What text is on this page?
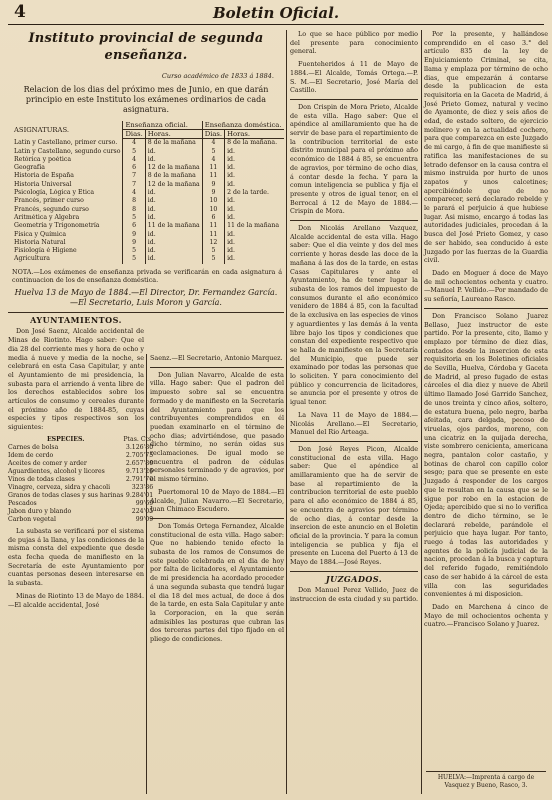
4	Boletin Oficial.
Instituto provincial de segunda enseñanza.
Curso académico de 1833 á 1884.
Relacion de los dias del próximo mes de Junio, en que darán principio en este Instituto los exámenes ordinarios de cada asignatura.
ASIGNATURAS.	Enseñanza oficial.		Enseñanza doméstica.	
	Dias.	Horas.	Dias.	Horas.
Latin y Castellano, primer curso.	4	8 de la mañana	4	8 de la mañana.
Latin y Castellano, segundo curso	5	id.	5	id.
Retórica y poética	4	id.	4	id.
Geografía	6	12 de la mañana	11	id.
Historia de España	7	8 de la mañana	11	id.
Historia Universal	7	12 de la mañana	9	id.
Psicología, Lógica y Ética	4	id.	9	2 de la tarde.
Francés, primer curso	8	id.	10	id.
Francés, segundo curso	8	id.	10	id.
Aritmética y Álgebra	5	id.	6	id.
Geometría y Trigonometría	6	11 de la mañana	11	11 de la mañana
Física y Química	9	id.	11	id.
Historia Natural	9	id.	12	id.
Fisiología é Higiene	5	id.	5	id.
Agricultura	5	id.	5	id.
NOTA.—Los exámenes de enseñanza privada se verificarán en cada asignatura á continuacion de los de enseñanza doméstica.
Huelva 13 de Mayo de 1884.—El Director, Dr. Fernandez García.—El Secretario, Luis Moron y García.
AYUNTAMIENTOS.

Don José Saenz, Alcalde accidental de Minas de Riotinto. Hago saber: Que el dia 28 del corriente mes y hora de ocho y media á nueve y media de la noche, se celebrará en esta Casa Capitular, y ante el Ayuntamiento de mi presidencia, la subasta para el arriendo á venta libre de los derechos establecidos sobre los artículos de consumo y cereales durante el próximo año de 1884-85, cuyas especies y tipos respectivos son los siguientes:

ESPECIES.	Ptas. Cts.
Carnes de bolsa	3.126'80
Idem de cerdo	2.705'75
Aceites de comer y arder	2.657'80
Aguardientes, alcohol y licores	9.713'26
Vinos de todas clases	2.791'70
Vinagre, cerveza, sidra y chacoli	323'86
Granos de todas clases y sus harinas	9.284'01
Pescados	99'69
Jabon duro y blando	224'05
Carbon vegetal	99'09

La subasta se verificará por el sistema de pujas á la llana, y las condiciones de la misma consta del expediente que desde esta fecha queda de manifiesto en la Secretaría de este Ayuntamiento por cuantas personas deseen interesarse en la subasta.

Minas de Riotinto 13 de Mayo de 1884.—El alcalde accidental, José

Saenz.—El Secretario, Antonio Marquez.

Don Julian Navarro, Alcalde de esta villa. Hago saber: Que el padron del impuesto sobre sal se encuentra formado y de manifiesto en la Secretaría del Ayuntamiento para que los contribuyentes comprendidos en él puedan examinarlo en el término de ocho dias; advirtiéndose, que pasado dicho término, no serán oidas sus reclamaciones. De igual modo se encuentra el padron de cédulas personales terminado y de agravios, por el mismo término.

Puertomoral 10 de Mayo de 1884.—El Alcalde, Julian Navarro.—El Secretario, Juan Chimaco Escudero.

Don Tomás Ortega Fernandez, Alcalde constitucional de esta villa. Hago saber: Que no habiendo tenido efecto la subasta de los ramos de Consumos de este pueblo celebrada en el dia de hoy por falta de licitadores, el Ayuntamiento de mi presidencia ha acordado proceder á una segunda subasta que tendrá lugar el dia 18 del mes actual, de doce á dos de la tarde, en esta Sala Capitular y ante la Corporacion, en la que serán admisibles las posturas que cubran las dos terceras partes del tipo fijado en el pliego de condiciones.

Lo que se hace público por medio del presente para conocimiento general.

Fuenteheridos á 11 de Mayo de 1884.—El Alcalde, Tomás Ortega.—P. S. M.—El Secretario, José María del Castillo.

Don Crispin de Mora Prieto, Alcalde de esta villa. Hago saber: Que el apéndice al amillaramiento que ha de servir de base para el repartimiento de la contribucion territorial de este distrito municipal para el próximo año económico de 1884 á 85, se encuentra de agravios, por término de ocho dias, á contar desde la fecha. Y para la comun inteligencia se publica y fija el presente y otros de igual tenor, en el Berrocal á 12 de Mayo de 1884.—Crispin de Mora.

Don Nicolás Arellano Vazquez, Alcalde accidental de esta villa. Hago saber: Que el dia veinte y dos del mes corriente y horas desde las doce de la mañana á las dos de la tarde, en estas Casas Capitulares y ante el Ayuntamiento, ha de tener lugar la subasta de los ramos del impuesto de consumos durante el año económico venidero de 1884 á 85, con la facultad de la exclusiva en las especies de vinos y aguardientes y las demás á la venta libre bajo los tipos y condiciones que constan del expediente respectivo que se halla de manifiesto en la Secretaría del Municipio, que puede ser examinado por todas las personas que lo soliciten. Y para conocimiento del público y concurrencia de licitadores, se anuncia por el presente y otros de igual tenor.

La Nava 11 de Mayo de 1884.—Nicolás Arellano.—El Secretario, Manuel del Rio Arteaga.

Don José Reyes Picon, Alcalde constitucional de esta villa. Hago saber: Que el apéndice al amillaramiento que ha de servir de base al repartimiento de la contribucion territorial de este pueblo para el año económico de 1884 á 85, se encuentra de agravios por término de ocho dias, á contar desde la insercion de este anuncio en el Boletin oficial de la provincia. Y para la comun inteligencia se publica y fija el presente en Lucena del Puerto á 13 de Mayo de 1884.—José Reyes.

JUZGADOS.

Don Manuel Perez Vellido, Juez de instruccion de esta ciudad y su partido.

Por la presente, y hallándose comprendido en el caso 3.° del artículo 835 de la ley de Enjuiciamiento Criminal, se cita, llama y emplaza por término de ocho dias, que empezarán á contarse desde la publicacion de esta requisitoria en la Gaceta de Madrid, á José Prieto Gomez, natural y vecino de Ayamonte, de diez y seis años de edad, de estado soltero, de ejercicio molinero y en la actualidad cochero, para que comparezca en este Juzgado de mi cargo, á fin de que manifieste si ratifica las manifestaciones de su letrado defensor en la causa contra el mismo instruida por hurto de unos zapatos y unos calcetines; apercibiéndole que de no comparecer, será declarado rebelde y le parará el perjuicio á que hubiese lugar. Asi mismo, encargo á todas las autoridades judiciales, procedan á la busca del José Prieto Gomez, y caso de ser habido, sea conducido á este Juzgado por las fuerzas de la Guardia civil.

Dado en Moguer á doce de Mayo de mil ochocientos ochenta y cuatro.—Manuel P. Vellido.—Por mandado de su señoría, Laureano Rasco.

Don Francisco Solano Juarez Bellaso, Juez instructor de este partido. Por la presente, cito, llamo y emplazo por término de diez dias, contados desde la insercion de esta requisitoria en los Boletines oficiales de Sevilla, Huelva, Córdoba y Gaceta de Madrid, al preso fugado de estas cárceles el dia diez y nueve de Abril último llamado José Garrido Sanchez, de unos treinta y cinco años, soltero, de estatura buena, pelo negro, barba afeitada, cara delgada, pecoso de viruelas, ojos pardos, moreno, con una cicatriz en la quijada derecha, viste sombrero cenicienta, americana negra, pantalon color castaño, y botinas de charol con capillo color sesgo; para que se presente en este Juzgado á responder de los cargos que le resultan en la causa que se le sigue por robo en la estacion de Ojeda; apercibido que si no lo verifica dentro de dicho término, se le declarará rebelde, parándole el perjuicio que haya lugar. Por tanto, ruego á todas las autoridades y agentes de la policía judicial de la nacion, procedan á la busca y captura del referido fugado, remitiéndolo caso de ser habido á la cárcel de esta villa con las seguridades convenientes á mi disposicion.

Dado en Marchena á cinco de Mayo de mil ochocientos ochenta y cuatro.—Francisco Solano y Juarez.

HUELVA:—Imprenta á cargo de Vasquez y Bueno, Rasco, 3.
